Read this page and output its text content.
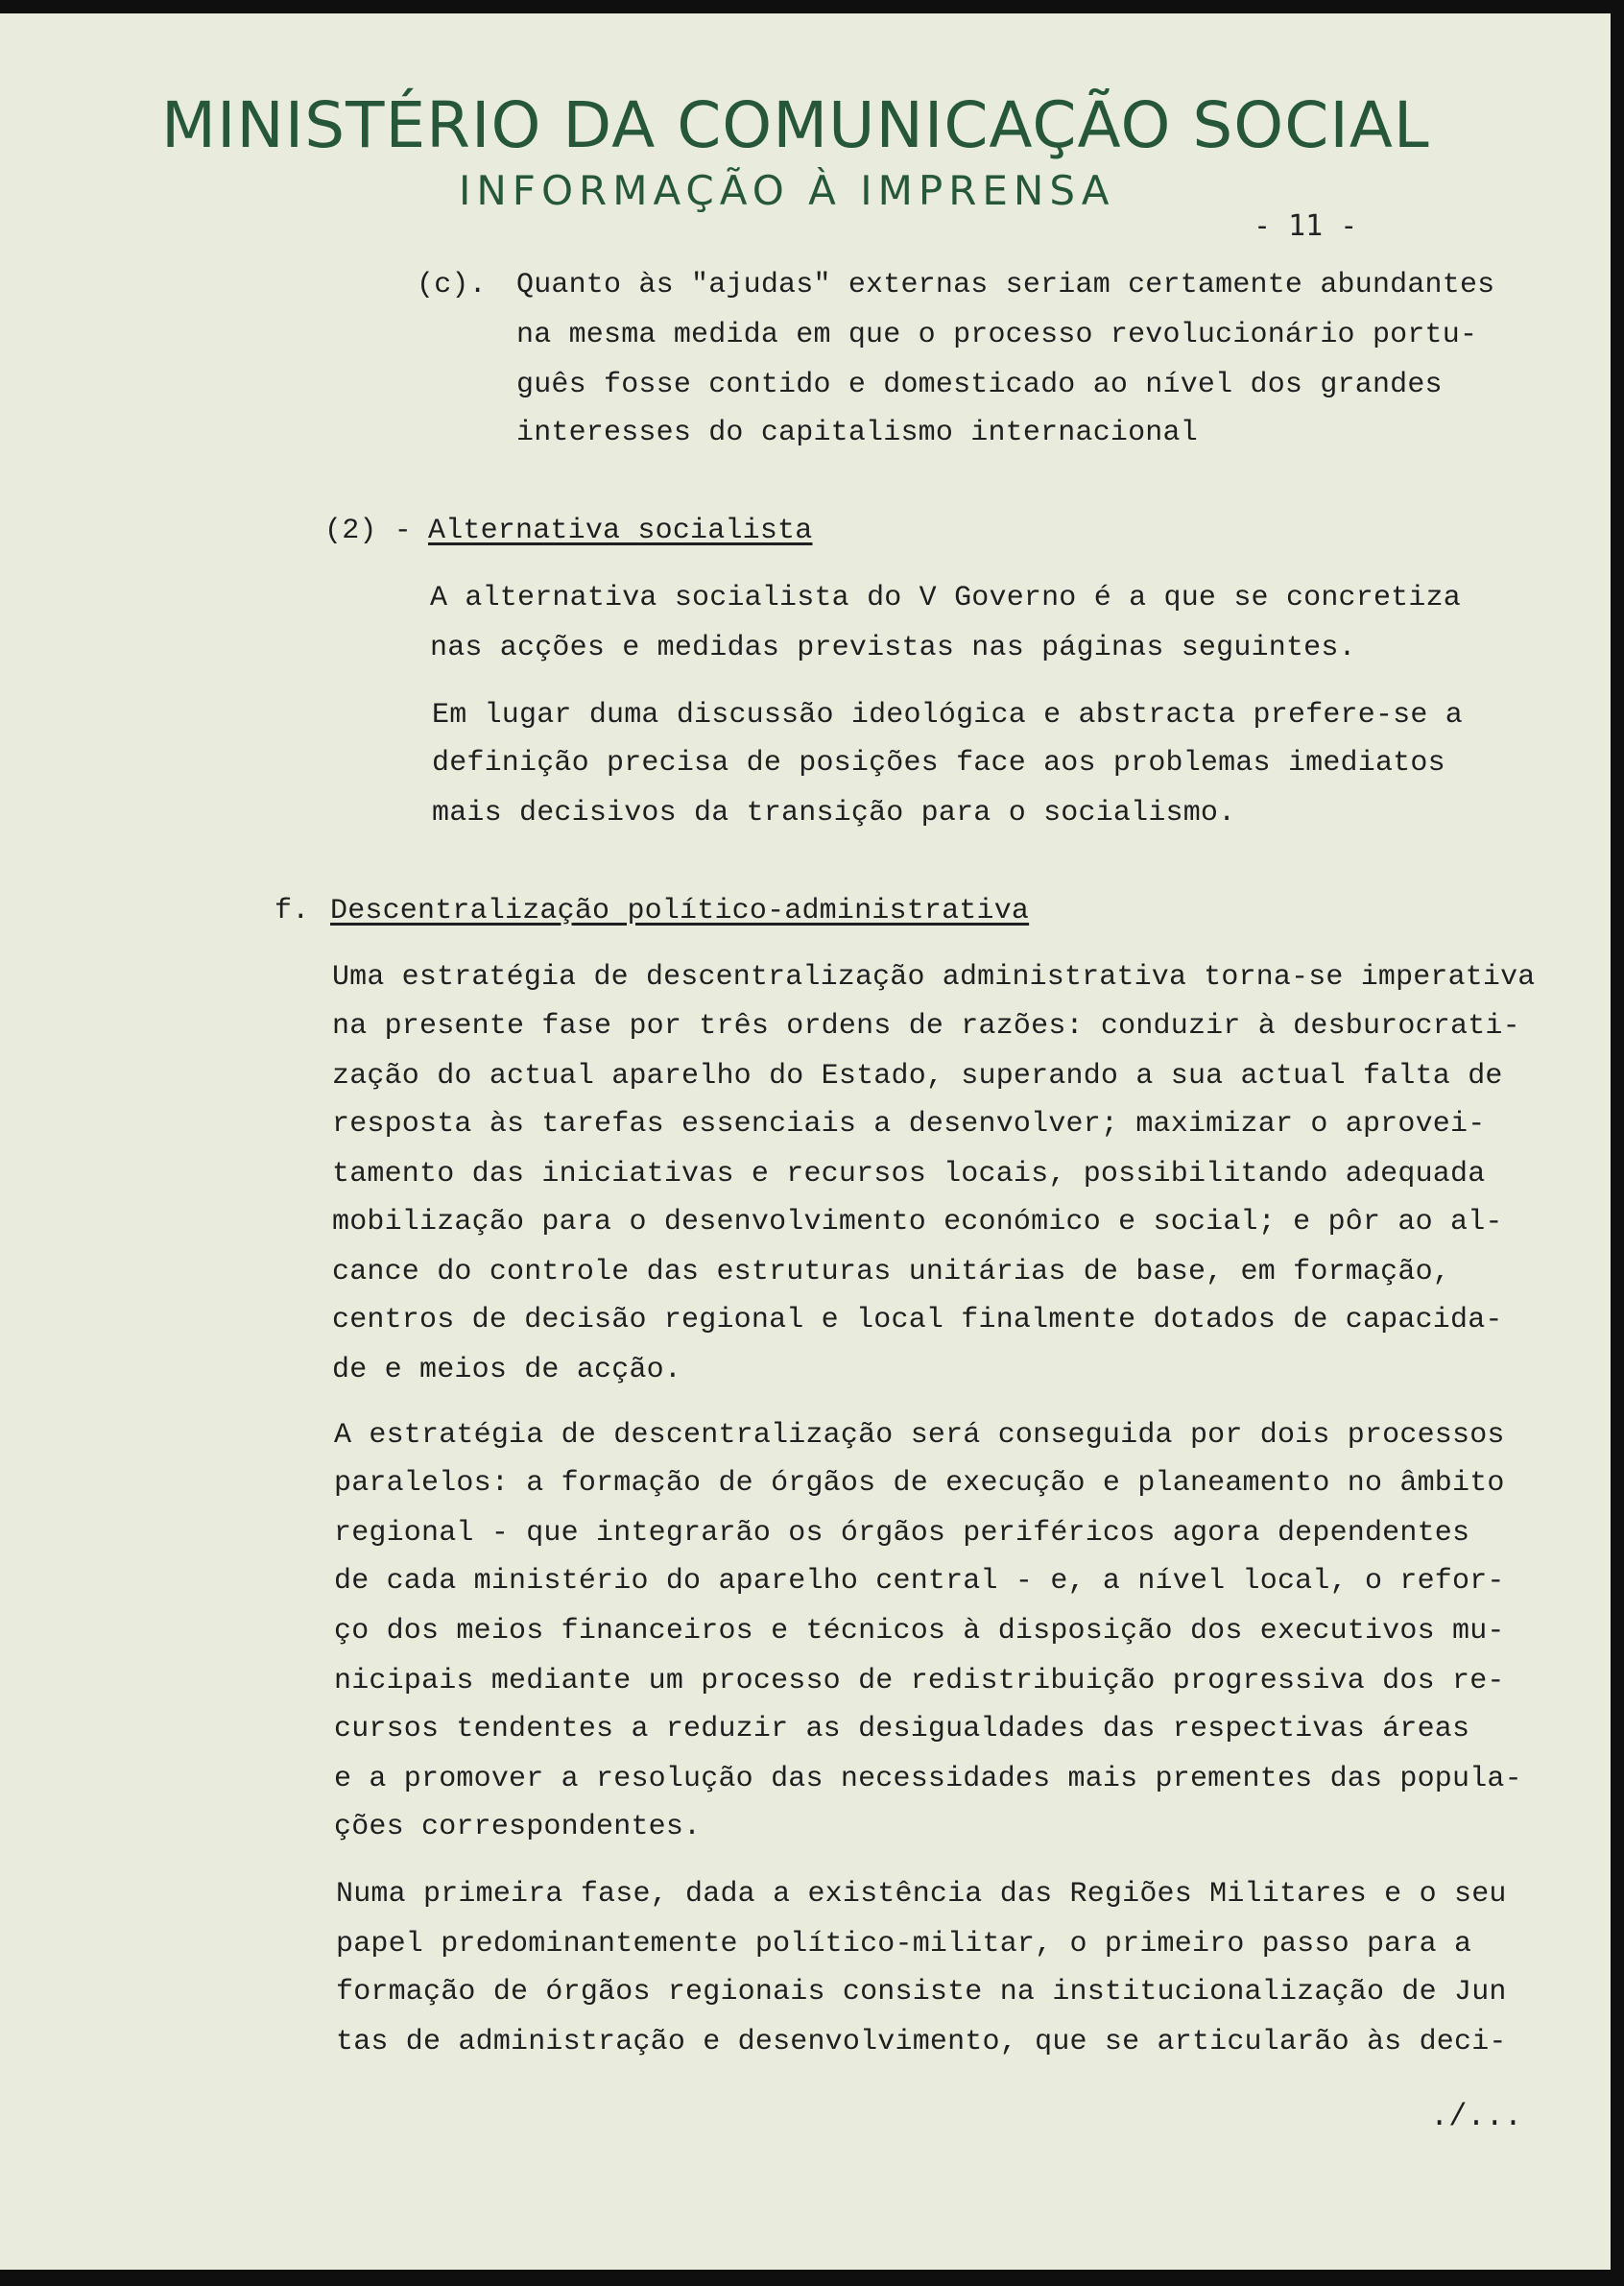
MINISTÉRIO DA COMUNICAÇÃO SOCIAL
INFORMAÇÃO À IMPRENSA
- 11 -
(c). Quanto às "ajudas" externas seriam certamente abundantes
na mesma medida em que o processo revolucionário portu-
guês fosse contido e domesticado ao nível dos grandes
interesses do capitalismo internacional
(2) - Alternativa socialista
A alternativa socialista do V Governo é a que se concretiza
nas acções e medidas previstas nas páginas seguintes.
Em lugar duma discussão ideológica e abstracta prefere-se a
definição precisa de posições face aos problemas imediatos
mais decisivos da transição para o socialismo.
f. Descentralização político-administrativa
Uma estratégia de descentralização administrativa torna-se imperativa
na presente fase por três ordens de razões: conduzir à desburocrati-
zação do actual aparelho do Estado, superando a sua actual falta de
resposta às tarefas essenciais a desenvolver; maximizar o aprovei-
tamento das iniciativas e recursos locais, possibilitando adequada
mobilização para o desenvolvimento económico e social; e pôr ao al-
cance do controle das estruturas unitárias de base, em formação,
centros de decisão regional e local finalmente dotados de capacida-
de e meios de acção.
A estratégia de descentralização será conseguida por dois processos
paralelos: a formação de órgãos de execução e planeamento no âmbito
regional - que integrarão os órgãos periféricos agora dependentes
de cada ministério do aparelho central - e, a nível local, o refor-
ço dos meios financeiros e técnicos à disposição dos executivos mu-
nicipais mediante um processo de redistribuição progressiva dos re-
cursos tendentes a reduzir as desigualdades das respectivas áreas
e a promover a resolução das necessidades mais prementes das popula-
ções correspondentes.
Numa primeira fase, dada a existência das Regiões Militares e o seu
papel predominantemente político-militar, o primeiro passo para a
formação de órgãos regionais consiste na institucionalização de Jun
tas de administração e desenvolvimento, que se articularão às deci-
./...
